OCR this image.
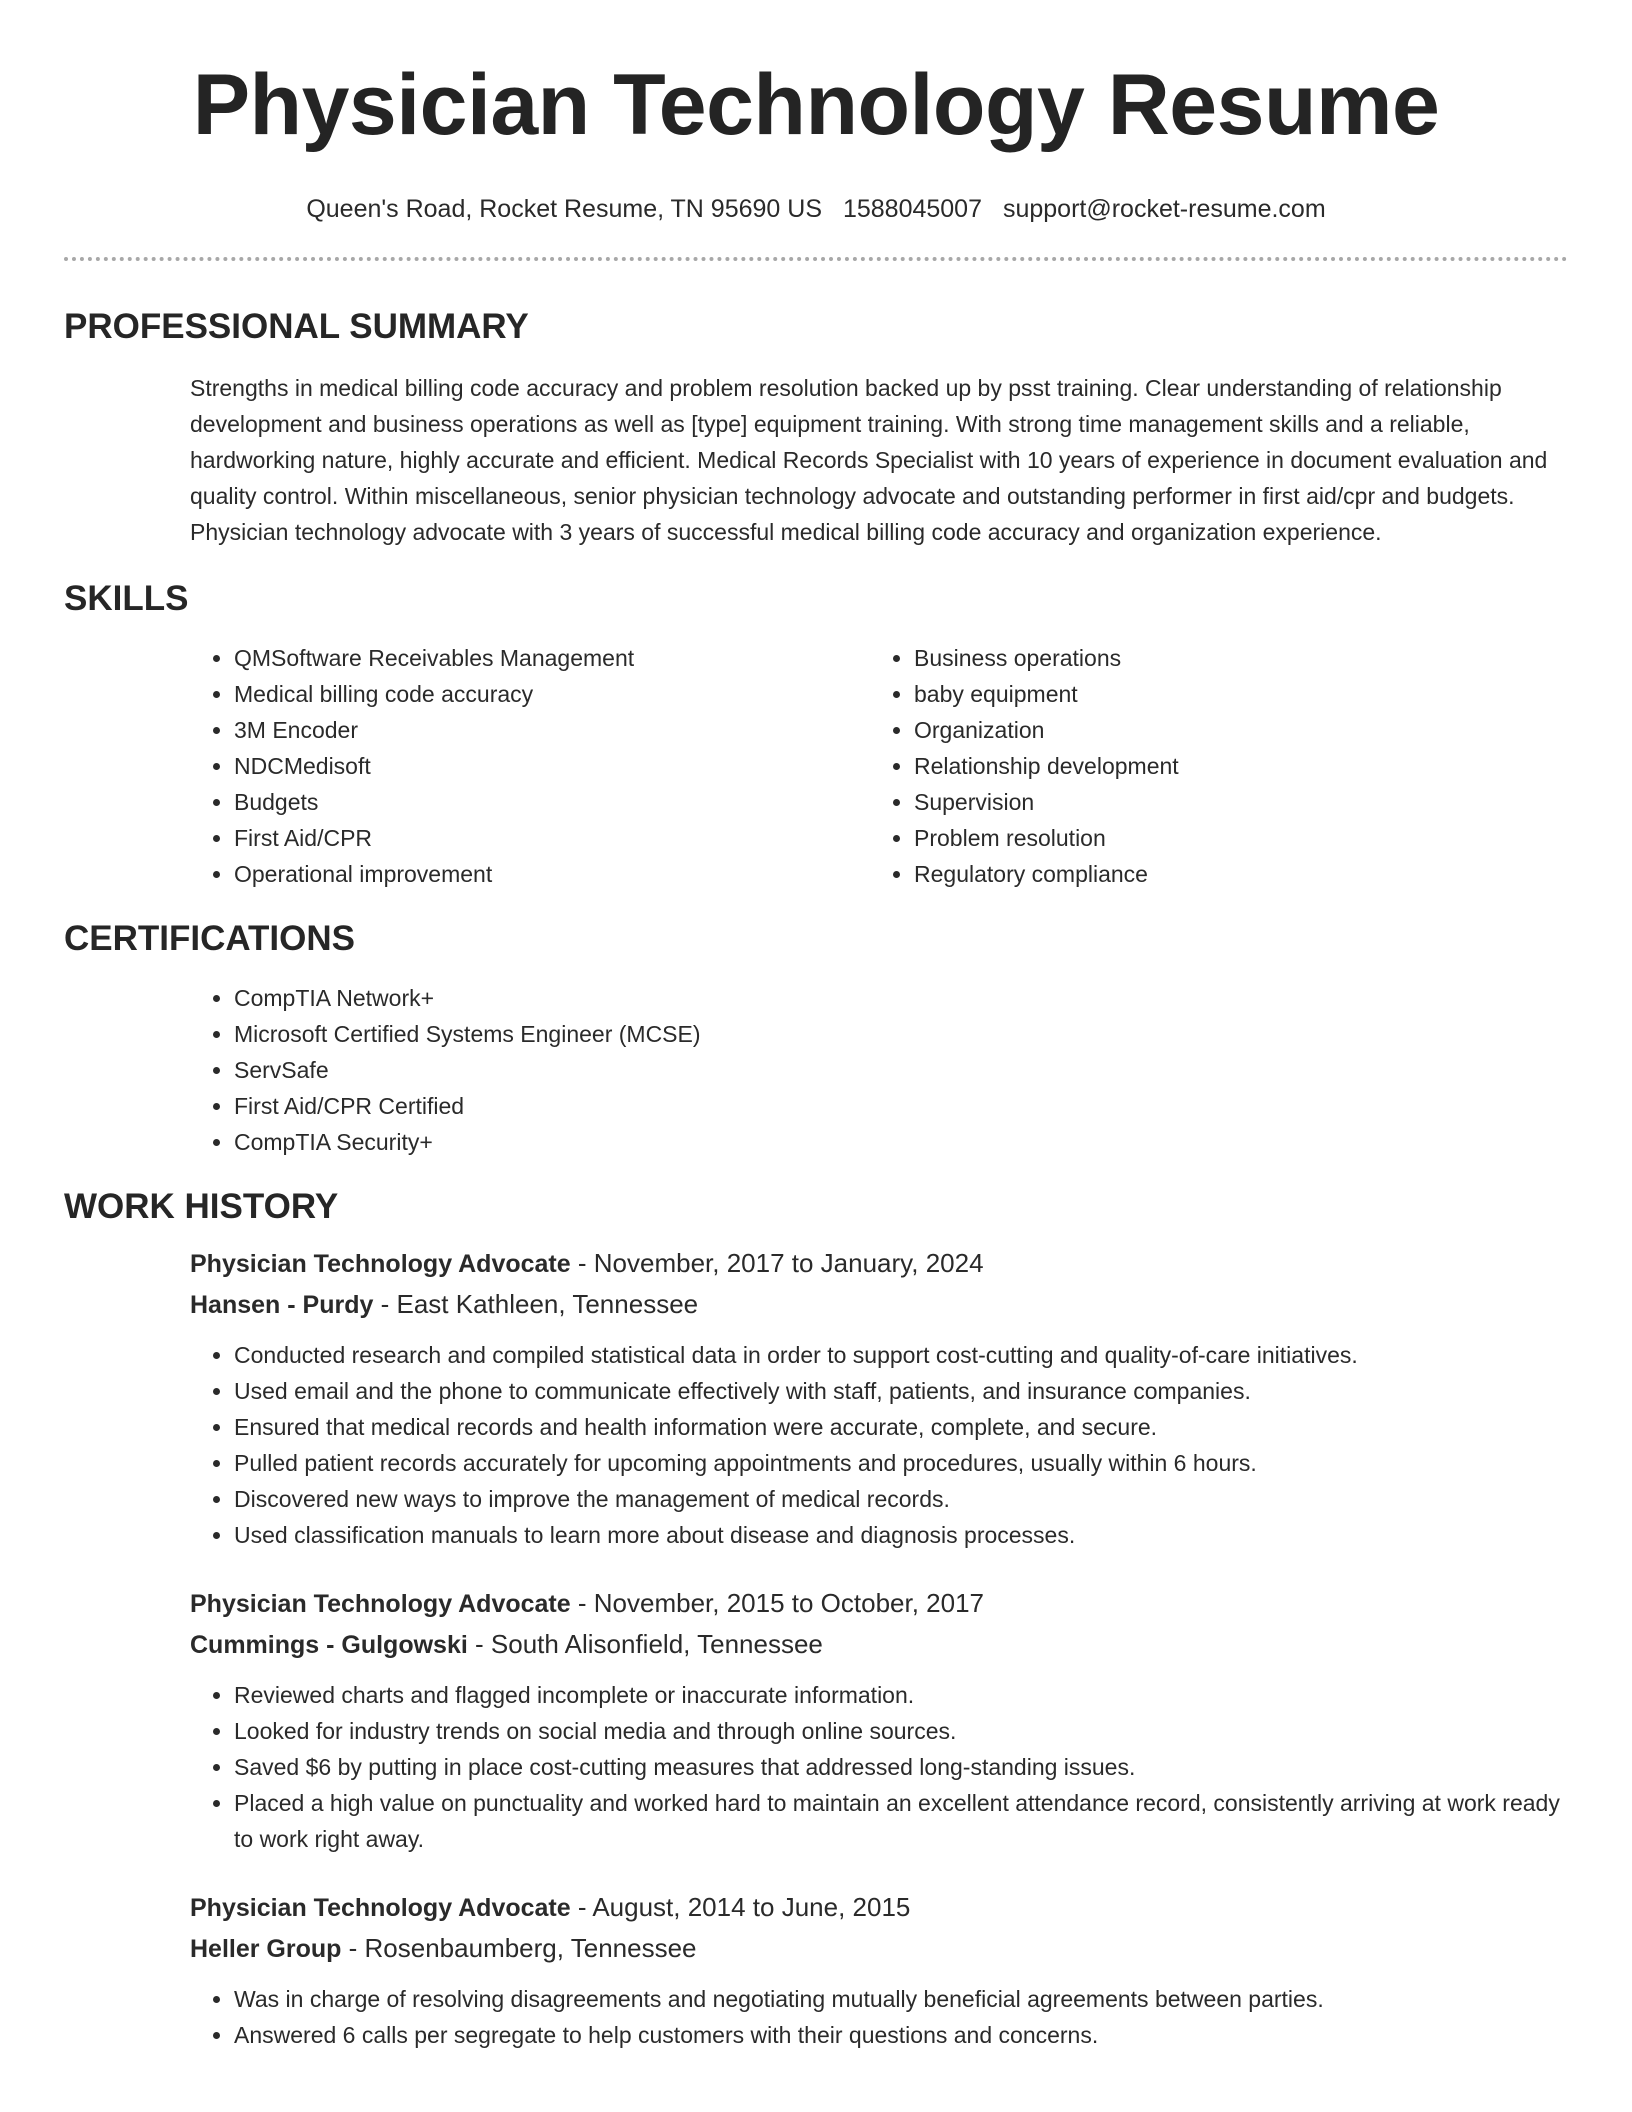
Physician Technology Resume
Queen's Road, Rocket Resume, TN 95690 US 1588045007 support@rocket-resume.com
PROFESSIONAL SUMMARY
Strengths in medical billing code accuracy and problem resolution backed up by psst training. Clear understanding of relationship development and business operations as well as [type] equipment training. With strong time management skills and a reliable, hardworking nature, highly accurate and efficient. Medical Records Specialist with 10 years of experience in document evaluation and quality control. Within miscellaneous, senior physician technology advocate and outstanding performer in first aid/cpr and budgets. Physician technology advocate with 3 years of successful medical billing code accuracy and organization experience.
SKILLS
• QMSoftware Receivables Management
• Medical billing code accuracy
• 3M Encoder
• NDCMedisoft
• Budgets
• First Aid/CPR
• Operational improvement
• Business operations
• baby equipment
• Organization
• Relationship development
• Supervision
• Problem resolution
• Regulatory compliance
CERTIFICATIONS
• CompTIA Network+
• Microsoft Certified Systems Engineer (MCSE)
• ServSafe
• First Aid/CPR Certified
• CompTIA Security+
WORK HISTORY
Physician Technology Advocate - November, 2017 to January, 2024
Hansen - Purdy - East Kathleen, Tennessee
• Conducted research and compiled statistical data in order to support cost-cutting and quality-of-care initiatives.
• Used email and the phone to communicate effectively with staff, patients, and insurance companies.
• Ensured that medical records and health information were accurate, complete, and secure.
• Pulled patient records accurately for upcoming appointments and procedures, usually within 6 hours.
• Discovered new ways to improve the management of medical records.
• Used classification manuals to learn more about disease and diagnosis processes.
Physician Technology Advocate - November, 2015 to October, 2017
Cummings - Gulgowski - South Alisonfield, Tennessee
• Reviewed charts and flagged incomplete or inaccurate information.
• Looked for industry trends on social media and through online sources.
• Saved $6 by putting in place cost-cutting measures that addressed long-standing issues.
• Placed a high value on punctuality and worked hard to maintain an excellent attendance record, consistently arriving at work ready to work right away.
Physician Technology Advocate - August, 2014 to June, 2015
Heller Group - Rosenbaumberg, Tennessee
• Was in charge of resolving disagreements and negotiating mutually beneficial agreements between parties.
• Answered 6 calls per segregate to help customers with their questions and concerns.
